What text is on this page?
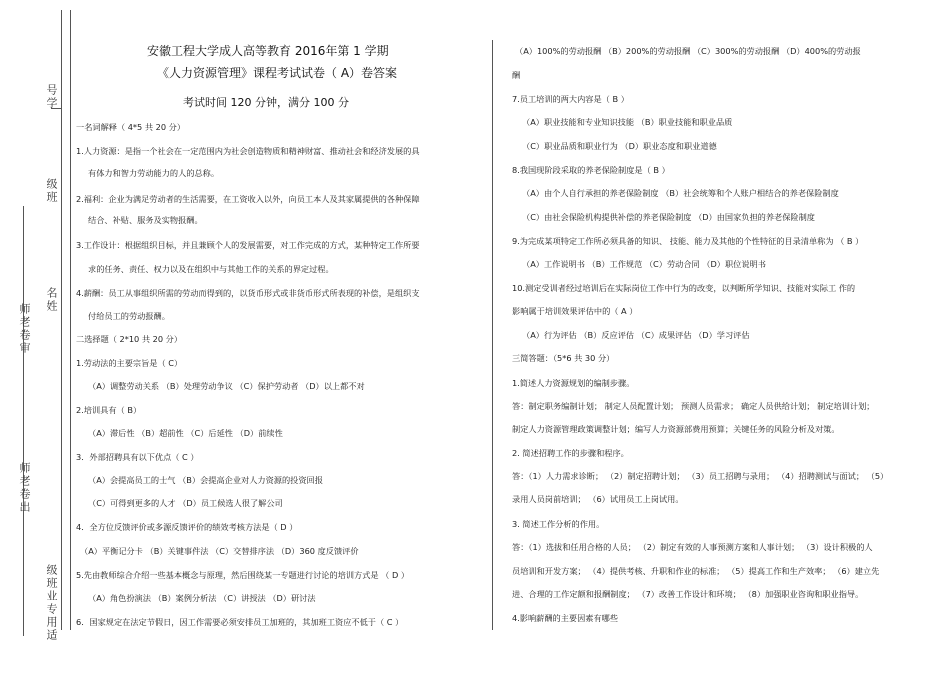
号学
级班
名姓
师老卷审
师老卷出
级班业专用适
安徽工程大学成人高等教育 2016年第 1 学期
《人力资源管理》课程考试试卷（ A）卷答案
考试时间 120 分钟，满分 100 分
一名词解释（ 4*5 共 20 分）
1.人力资源：是指一个社会在一定范围内为社会创造物质和精神财富、推动社会和经济发展的具
有体力和智力劳动能力的人的总称。
2.福利：企业为满足劳动者的生活需要，在工资收入以外，向员工本人及其家属提供的各种保障
结合、补贴、服务及实物报酬。
3.工作设计：根据组织目标，并且兼顾个人的发展需要，对工作完成的方式，某种特定工作所要
求的任务、责任、权力以及在组织中与其他工作的关系的界定过程。
4.薪酬：员工从事组织所需的劳动而得到的，以货币形式或非货币形式所表现的补偿，是组织支
付给员工的劳动报酬。
二选择题（ 2*10 共 20 分）
1.劳动法的主要宗旨是（ C）
（A）调整劳动关系 （B）处理劳动争议 （C）保护劳动者 （D）以上都不对
2.培训具有（ B）
（A）滞后性 （B）超前性 （C）后延性 （D）前续性
3．外部招聘具有以下优点（ C ）
（A）会提高员工的士气 （B）会提高企业对人力资源的投资回报
（C）可得到更多的人才 （D）员工候选人很了解公司
4．全方位反馈评价或多源反馈评价的绩效考核方法是（ D ）
（A）平衡记分卡 （B）关键事件法 （C）交替排序法 （D）360 度反馈评价
5.先由教师综合介绍一些基本概念与原理，然后围绕某一专题进行讨论的培训方式是 （ D ）
（A）角色扮演法 （B）案例分析法 （C）讲授法 （D）研讨法
6．国家规定在法定节假日，因工作需要必须安排员工加班的，其加班工资应不低于（ C ）
（A）100%的劳动报酬 （B）200%的劳动报酬 （C）300%的劳动报酬 （D）400%的劳动报
酬
7.员工培训的两大内容是（ B ）
（A）职业技能和专业知识技能 （B）职业技能和职业品质
（C）职业品质和职业行为 （D）职业态度和职业道德
8.我国现阶段采取的养老保险制度是（ B ）
（A）由个人自行承担的养老保险制度 （B）社会统筹和个人账户相结合的养老保险制度
（C）由社会保险机构提供补偿的养老保险制度 （D）由国家负担的养老保险制度
9.为完成某项特定工作所必须具备的知识、 技能、能力及其他的个性特征的目录清单称为 （ B ）
（A）工作说明书 （B）工作规范 （C）劳动合同 （D）职位说明书
10.测定受训者经过培训后在实际岗位工作中行为的改变，以判断所学知识、技能对实际工 作的
影响属于培训效果评估中的（ A ）
（A）行为评估 （B）反应评估 （C）成果评估 （D）学习评估
三简答题：（5*6 共 30 分）
1.简述人力资源规划的编制步骤。
答：制定职务编制计划； 制定人员配置计划； 预测人员需求； 确定人员供给计划； 制定培训计划；
制定人力资源管理政策调整计划；编写人力资源部费用预算；关键任务的风险分析及对策。
2. 简述招聘工作的步骤和程序。
答：（1）人力需求诊断； （2）制定招聘计划； （3）员工招聘与录用； （4）招聘测试与面试； （5）
录用人员岗前培训； （6）试用员工上岗试用。
3. 简述工作分析的作用。
答：（1）选拔和任用合格的人员； （2）制定有效的人事预测方案和人事计划； （3）设计积极的人
员培训和开发方案； （4）提供考核、升职和作业的标准； （5）提高工作和生产效率； （6）建立先
进、合理的工作定额和报酬制度； （7）改善工作设计和环境； （8）加强职业咨询和职业指导。
4.影响薪酬的主要因素有哪些
